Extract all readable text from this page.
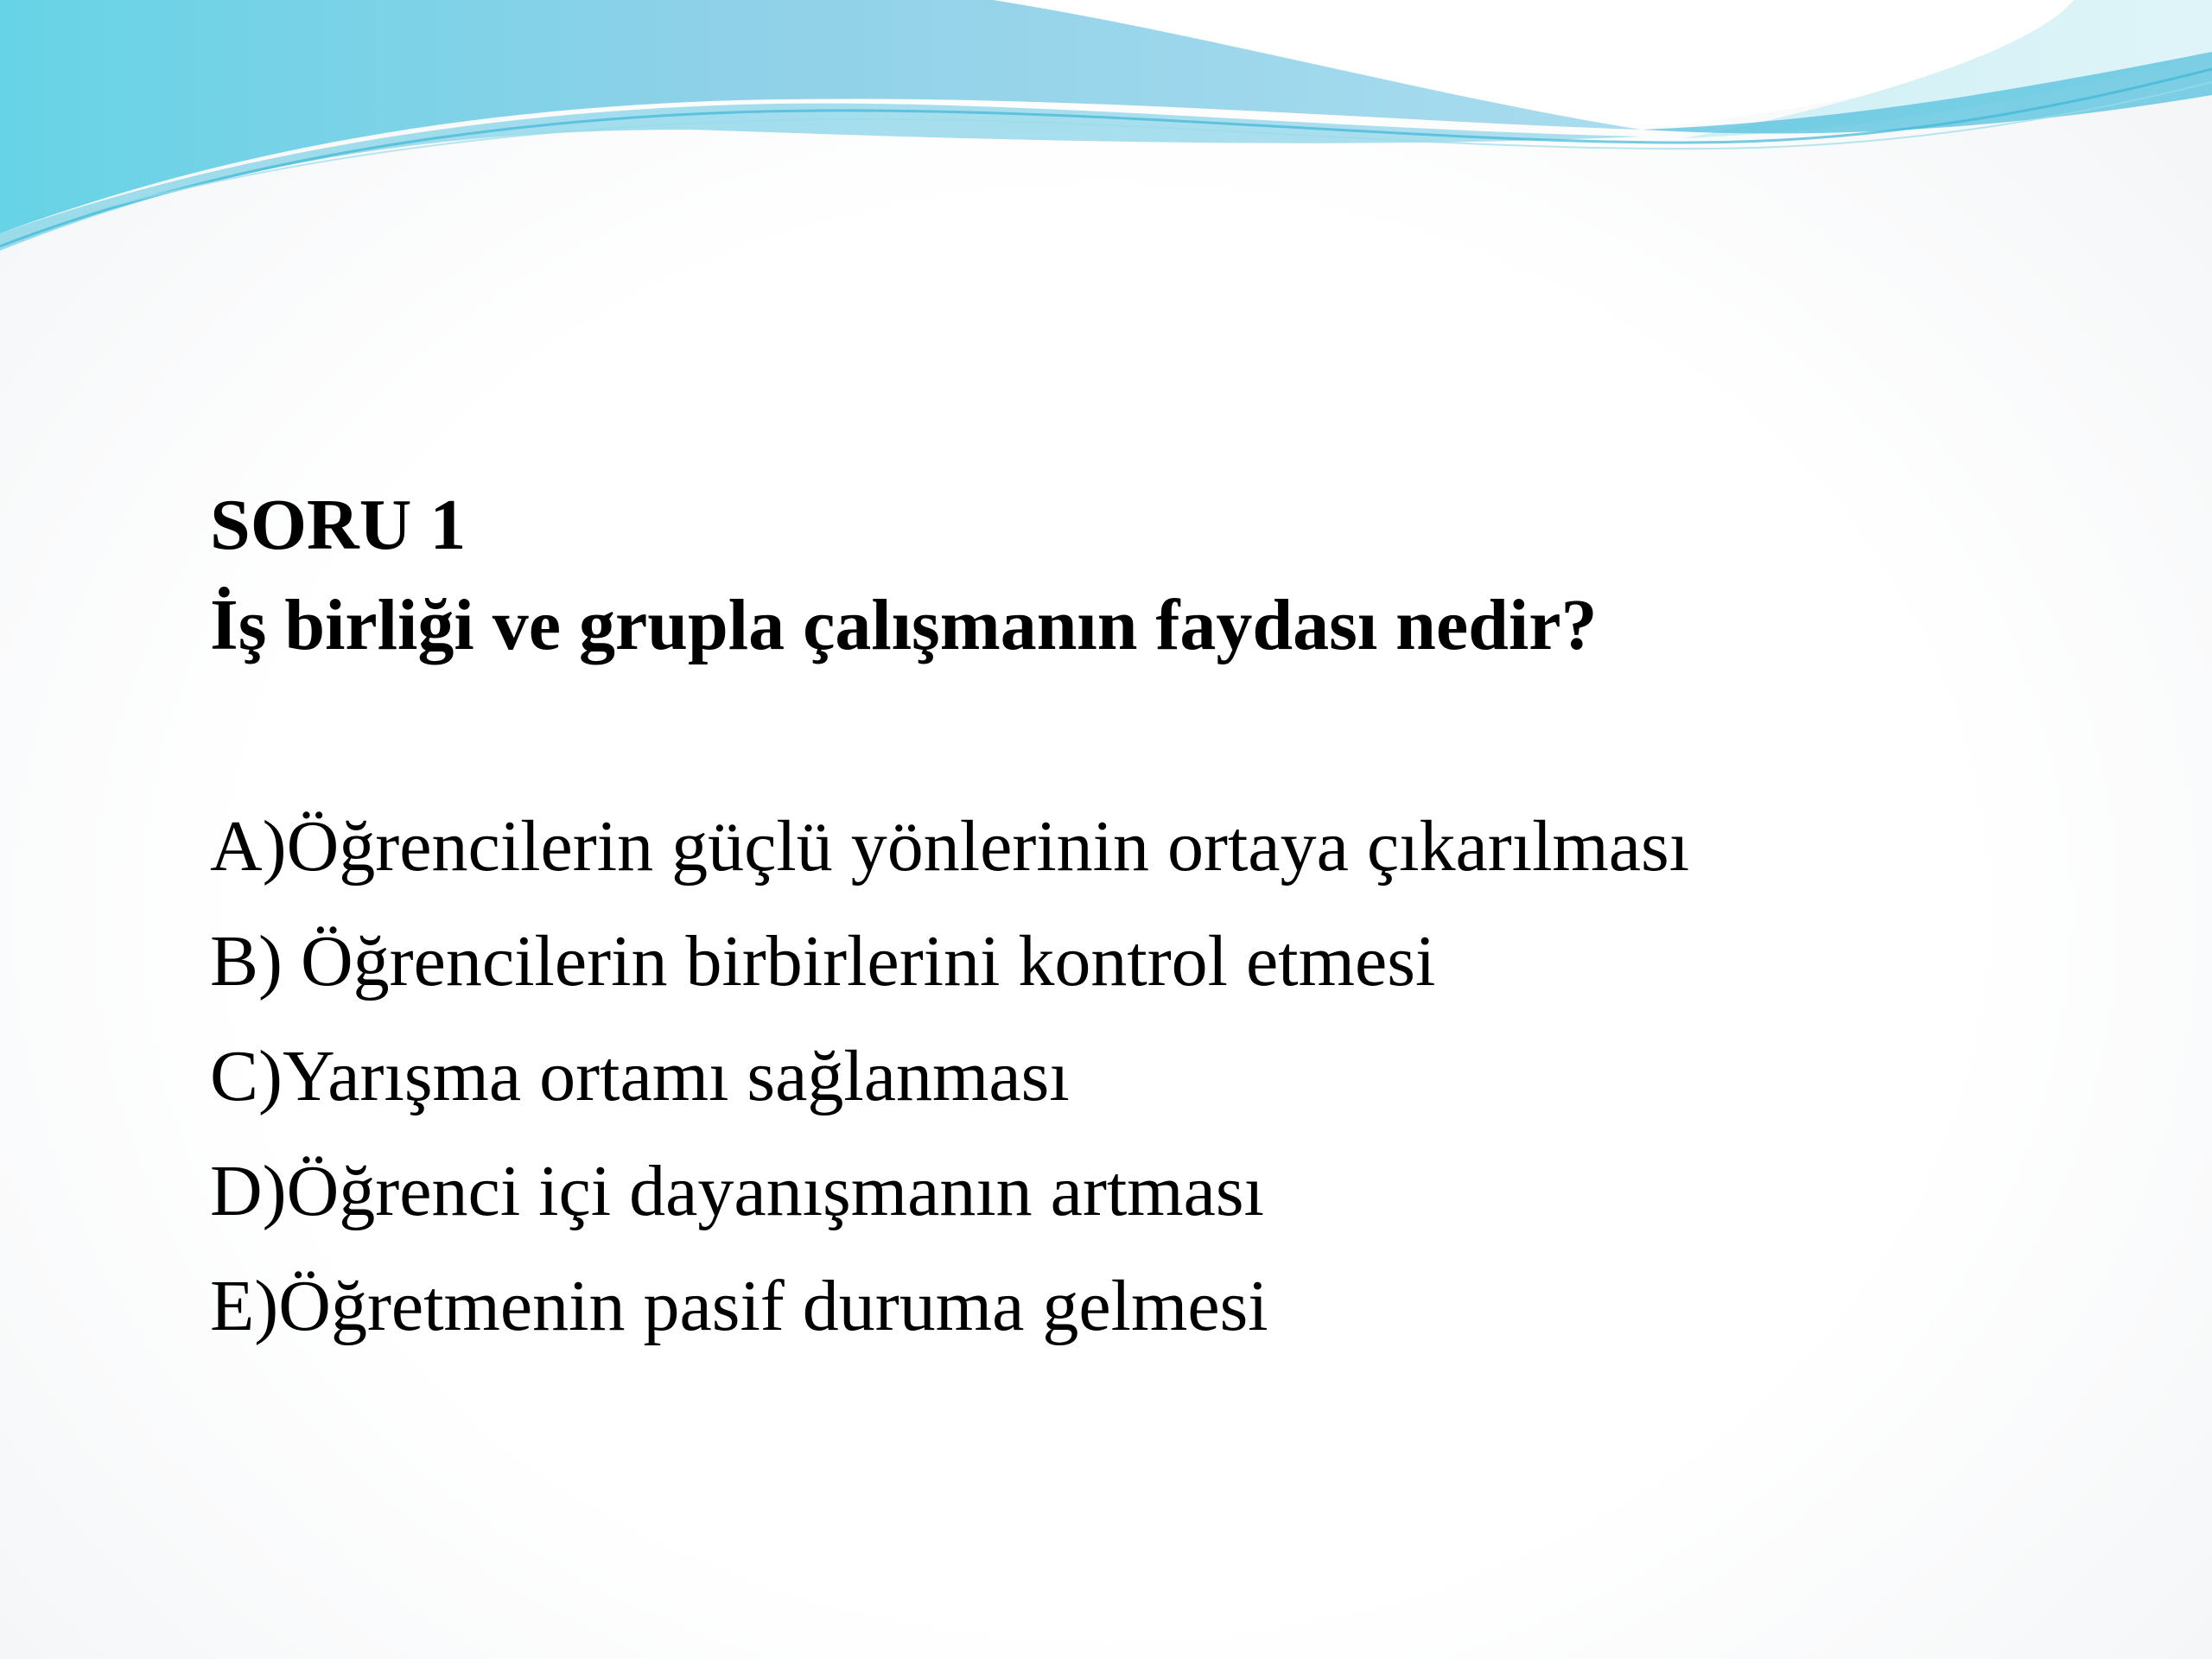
SORU 1
İş birliği ve grupla çalışmanın faydası nedir?
A)Öğrencilerin güçlü yönlerinin ortaya çıkarılması
B) Öğrencilerin birbirlerini kontrol etmesi
C)Yarışma ortamı sağlanması
D)Öğrenci içi dayanışmanın artması
E)Öğretmenin pasif duruma gelmesi
